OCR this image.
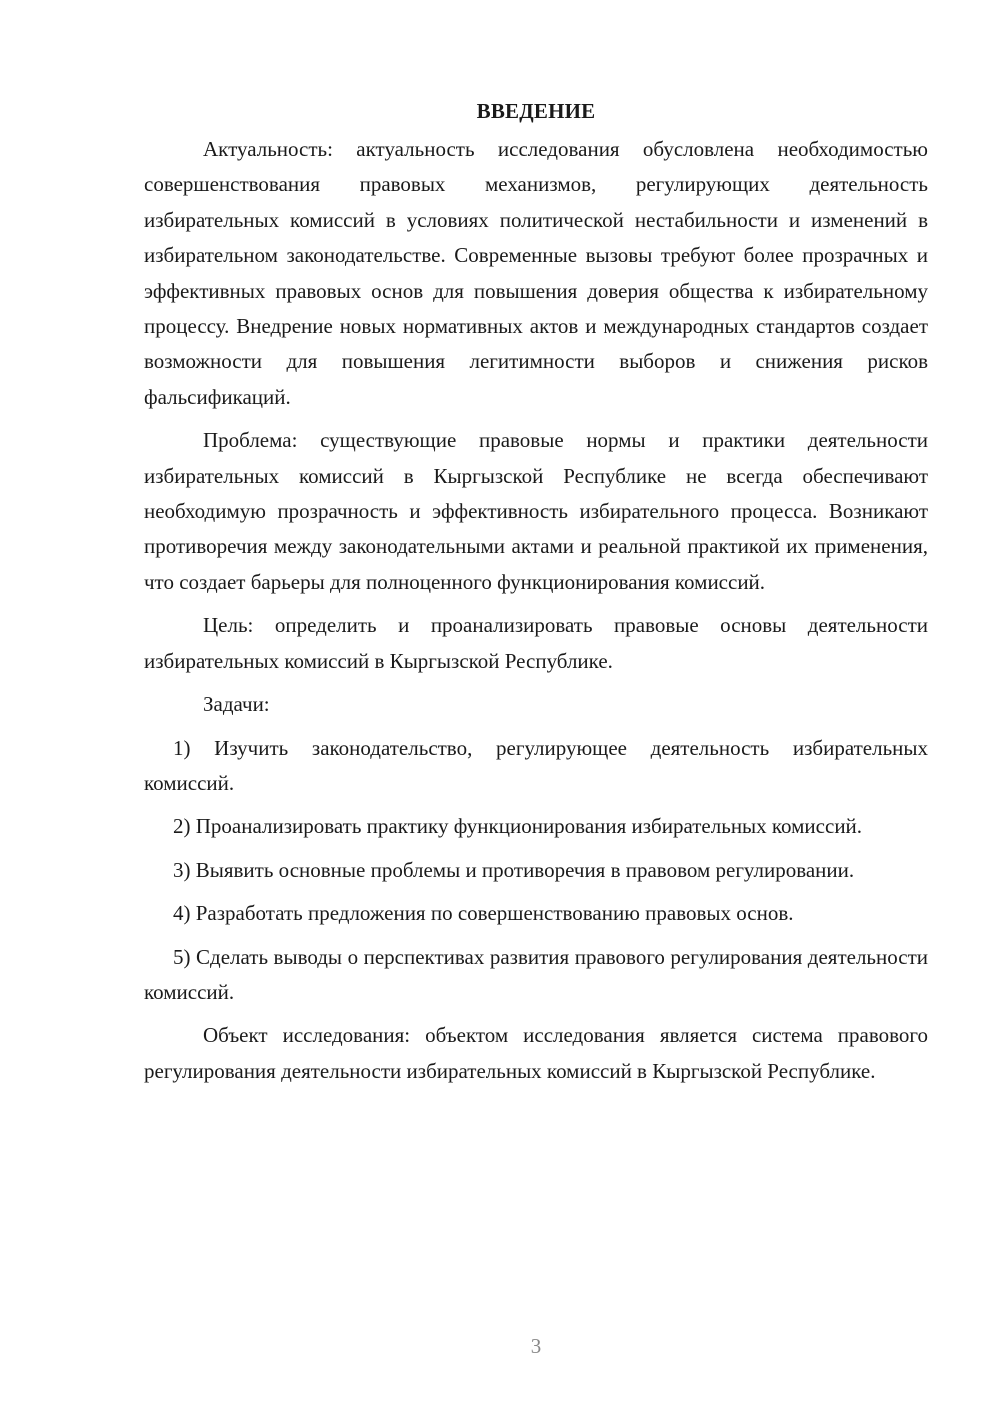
ВВЕДЕНИЕ

Актуальность: актуальность исследования обусловлена необходимостью совершенствования правовых механизмов, регулирующих деятельность избирательных комиссий в условиях политической нестабильности и изменений в избирательном законодательстве. Современные вызовы требуют более прозрачных и эффективных правовых основ для повышения доверия общества к избирательному процессу. Внедрение новых нормативных актов и международных стандартов создает возможности для повышения легитимности выборов и снижения рисков фальсификаций.

Проблема: существующие правовые нормы и практики деятельности избирательных комиссий в Кыргызской Республике не всегда обеспечивают необходимую прозрачность и эффективность избирательного процесса. Возникают противоречия между законодательными актами и реальной практикой их применения, что создает барьеры для полноценного функционирования комиссий.

Цель: определить и проанализировать правовые основы деятельности избирательных комиссий в Кыргызской Республике.

Задачи:

1) Изучить законодательство, регулирующее деятельность избирательных комиссий.

2) Проанализировать практику функционирования избирательных комиссий.

3) Выявить основные проблемы и противоречия в правовом регулировании.

4) Разработать предложения по совершенствованию правовых основ.

5) Сделать выводы о перспективах развития правового регулирования деятельности комиссий.

Объект исследования: объектом исследования является система правового регулирования деятельности избирательных комиссий в Кыргызской Республике.

3
